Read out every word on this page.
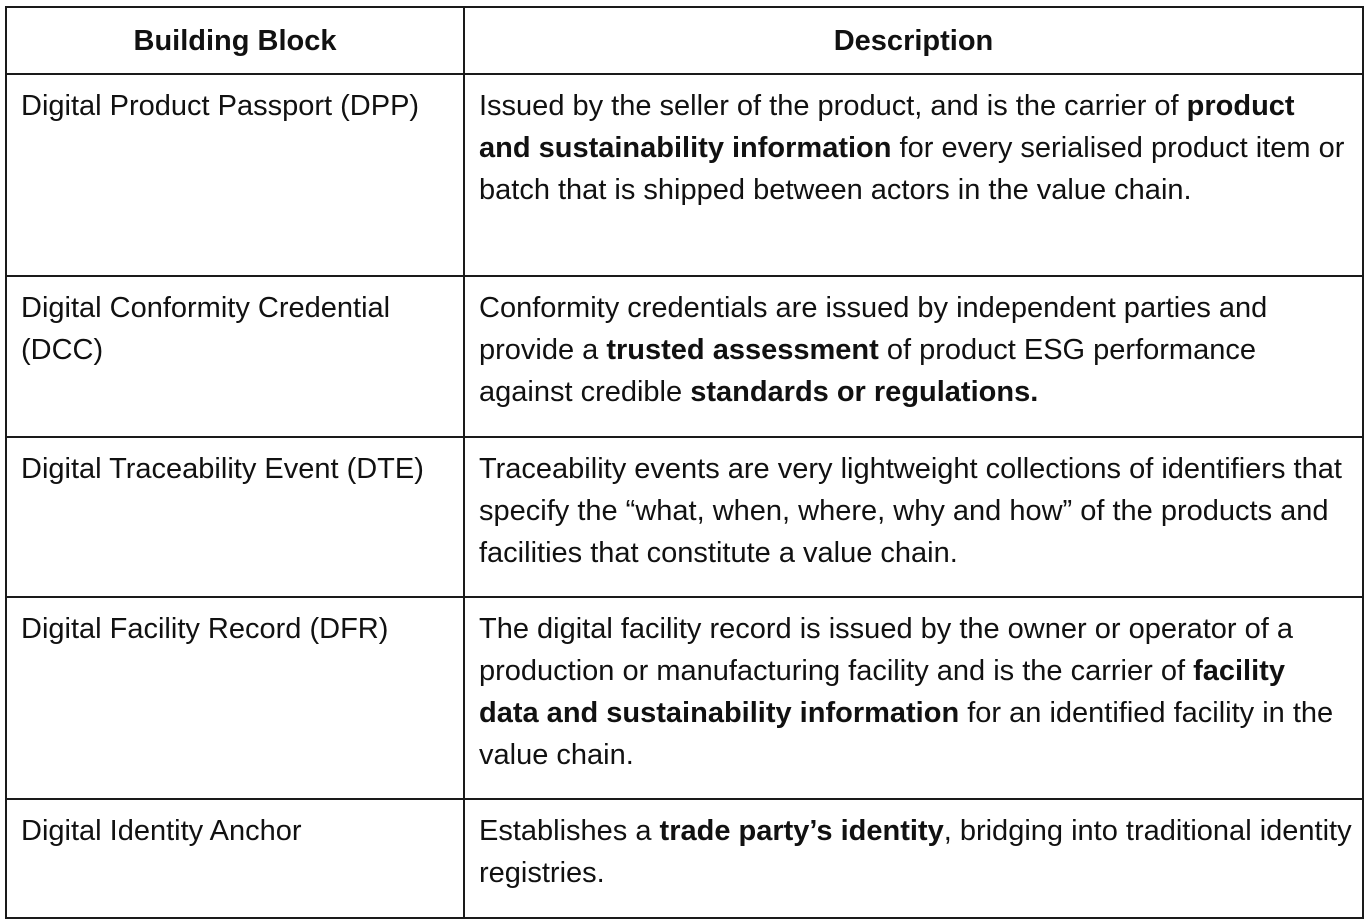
Building Block	Description
Digital Product Passport (DPP)	Issued by the seller of the product, and is the carrier of product and sustainability information for every serialised product item or batch that is shipped between actors in the value chain.
Digital Conformity Credential (DCC)	Conformity credentials are issued by independent parties and provide a trusted assessment of product ESG performance against credible standards or regulations.
Digital Traceability Event (DTE)	Traceability events are very lightweight collections of identifiers that specify the “what, when, where, why and how” of the products and facilities that constitute a value chain.
Digital Facility Record (DFR)	The digital facility record is issued by the owner or operator of a production or manufacturing facility and is the carrier of facility data and sustainability information for an identified facility in the value chain.
Digital Identity Anchor	Establishes a trade party’s identity, bridging into traditional identity registries.
